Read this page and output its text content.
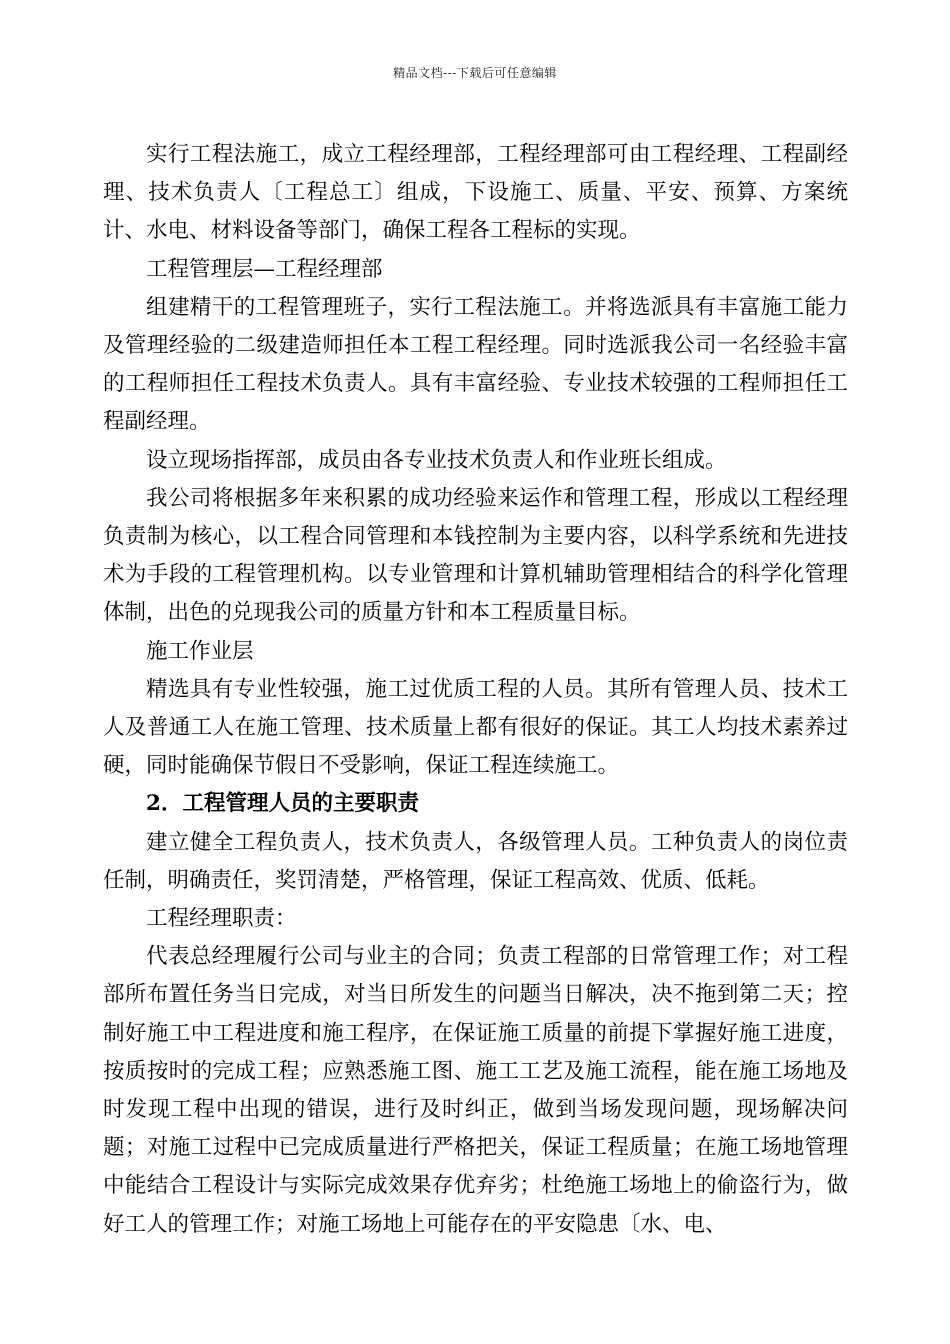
精品文档---下载后可任意编辑

实行工程法施工，成立工程经理部，工程经理部可由工程经理、工程副经理、技术负责人〔工程总工〕组成，下设施工、质量、平安、预算、方案统计、水电、材料设备等部门，确保工程各工程标的实现。

工程管理层—工程经理部

组建精干的工程管理班子，实行工程法施工。并将选派具有丰富施工能力及管理经验的二级建造师担任本工程工程经理。同时选派我公司一名经验丰富的工程师担任工程技术负责人。具有丰富经验、专业技术较强的工程师担任工程副经理。

设立现场指挥部，成员由各专业技术负责人和作业班长组成。

我公司将根据多年来积累的成功经验来运作和管理工程，形成以工程经理负责制为核心，以工程合同管理和本钱控制为主要内容，以科学系统和先进技术为手段的工程管理机构。以专业管理和计算机辅助管理相结合的科学化管理体制，出色的兑现我公司的质量方针和本工程质量目标。

施工作业层

精选具有专业性较强，施工过优质工程的人员。其所有管理人员、技术工人及普通工人在施工管理、技术质量上都有很好的保证。其工人均技术素养过硬，同时能确保节假日不受影响，保证工程连续施工。

2．工程管理人员的主要职责

建立健全工程负责人，技术负责人，各级管理人员。工种负责人的岗位责任制，明确责任，奖罚清楚，严格管理，保证工程高效、优质、低耗。

工程经理职责：

代表总经理履行公司与业主的合同；负责工程部的日常管理工作；对工程部所布置任务当日完成，对当日所发生的问题当日解决，决不拖到第二天；控制好施工中工程进度和施工程序，在保证施工质量的前提下掌握好施工进度，按质按时的完成工程；应熟悉施工图、施工工艺及施工流程，能在施工场地及时发现工程中出现的错误，进行及时纠正，做到当场发现问题，现场解决问题；对施工过程中已完成质量进行严格把关，保证工程质量；在施工场地管理中能结合工程设计与实际完成效果存优弃劣；杜绝施工场地上的偷盗行为，做好工人的管理工作；对施工场地上可能存在的平安隐患〔水、电、
